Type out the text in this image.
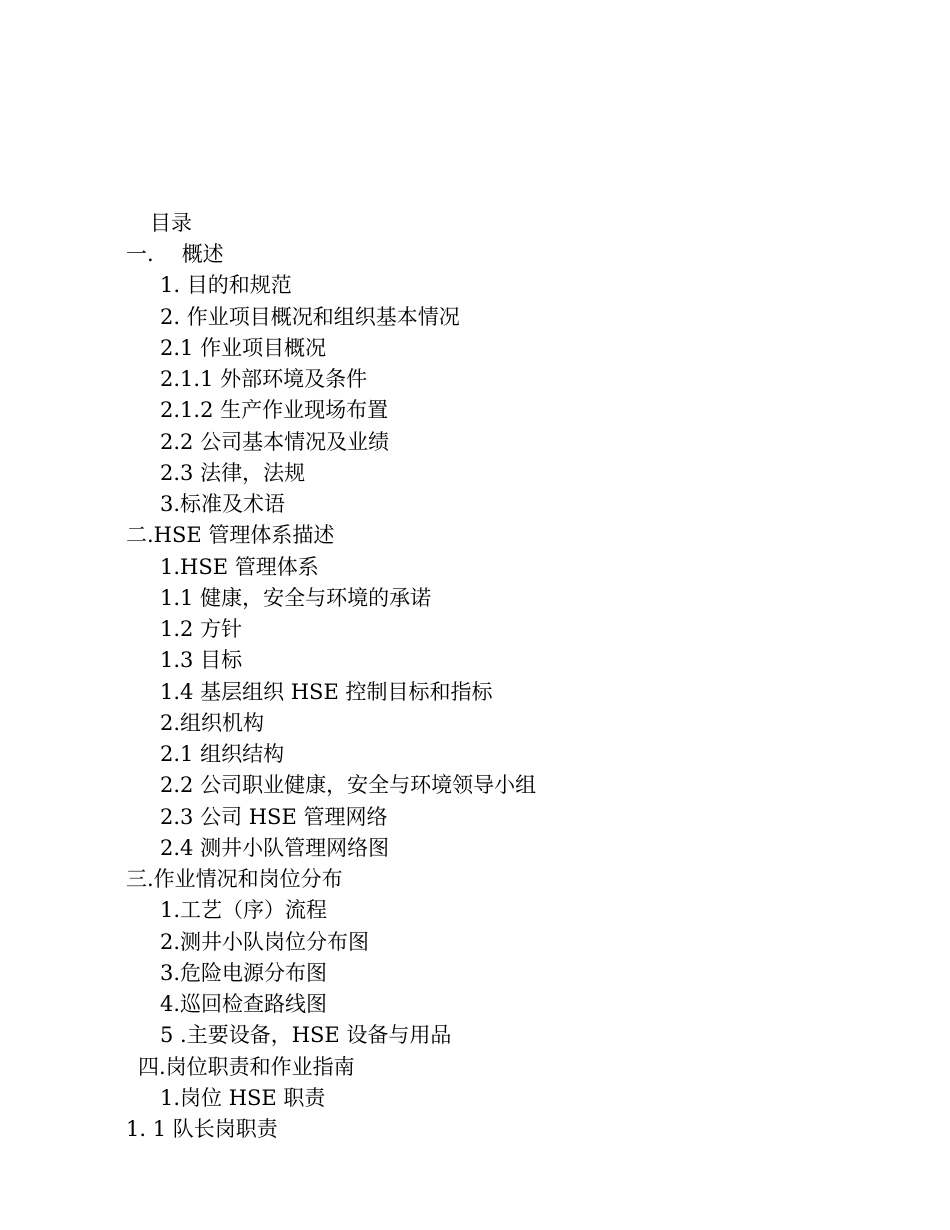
目录
一. 概述
1. 目的和规范
2. 作业项目概况和组织基本情况
2.1 作业项目概况
2.1.1 外部环境及条件
2.1.2 生产作业现场布置
2.2 公司基本情况及业绩
2.3 法律，法规
3.标准及术语
二.HSE 管理体系描述
1.HSE 管理体系
1.1 健康，安全与环境的承诺
1.2 方针
1.3 目标
1.4 基层组织 HSE 控制目标和指标
2.组织机构
2.1 组织结构
2.2 公司职业健康，安全与环境领导小组
2.3 公司 HSE 管理网络
2.4 测井小队管理网络图
三.作业情况和岗位分布
1.工艺（序）流程
2.测井小队岗位分布图
3.危险电源分布图
4.巡回检查路线图
5 .主要设备，HSE 设备与用品
四.岗位职责和作业指南
1.岗位 HSE 职责
1. 1 队长岗职责
